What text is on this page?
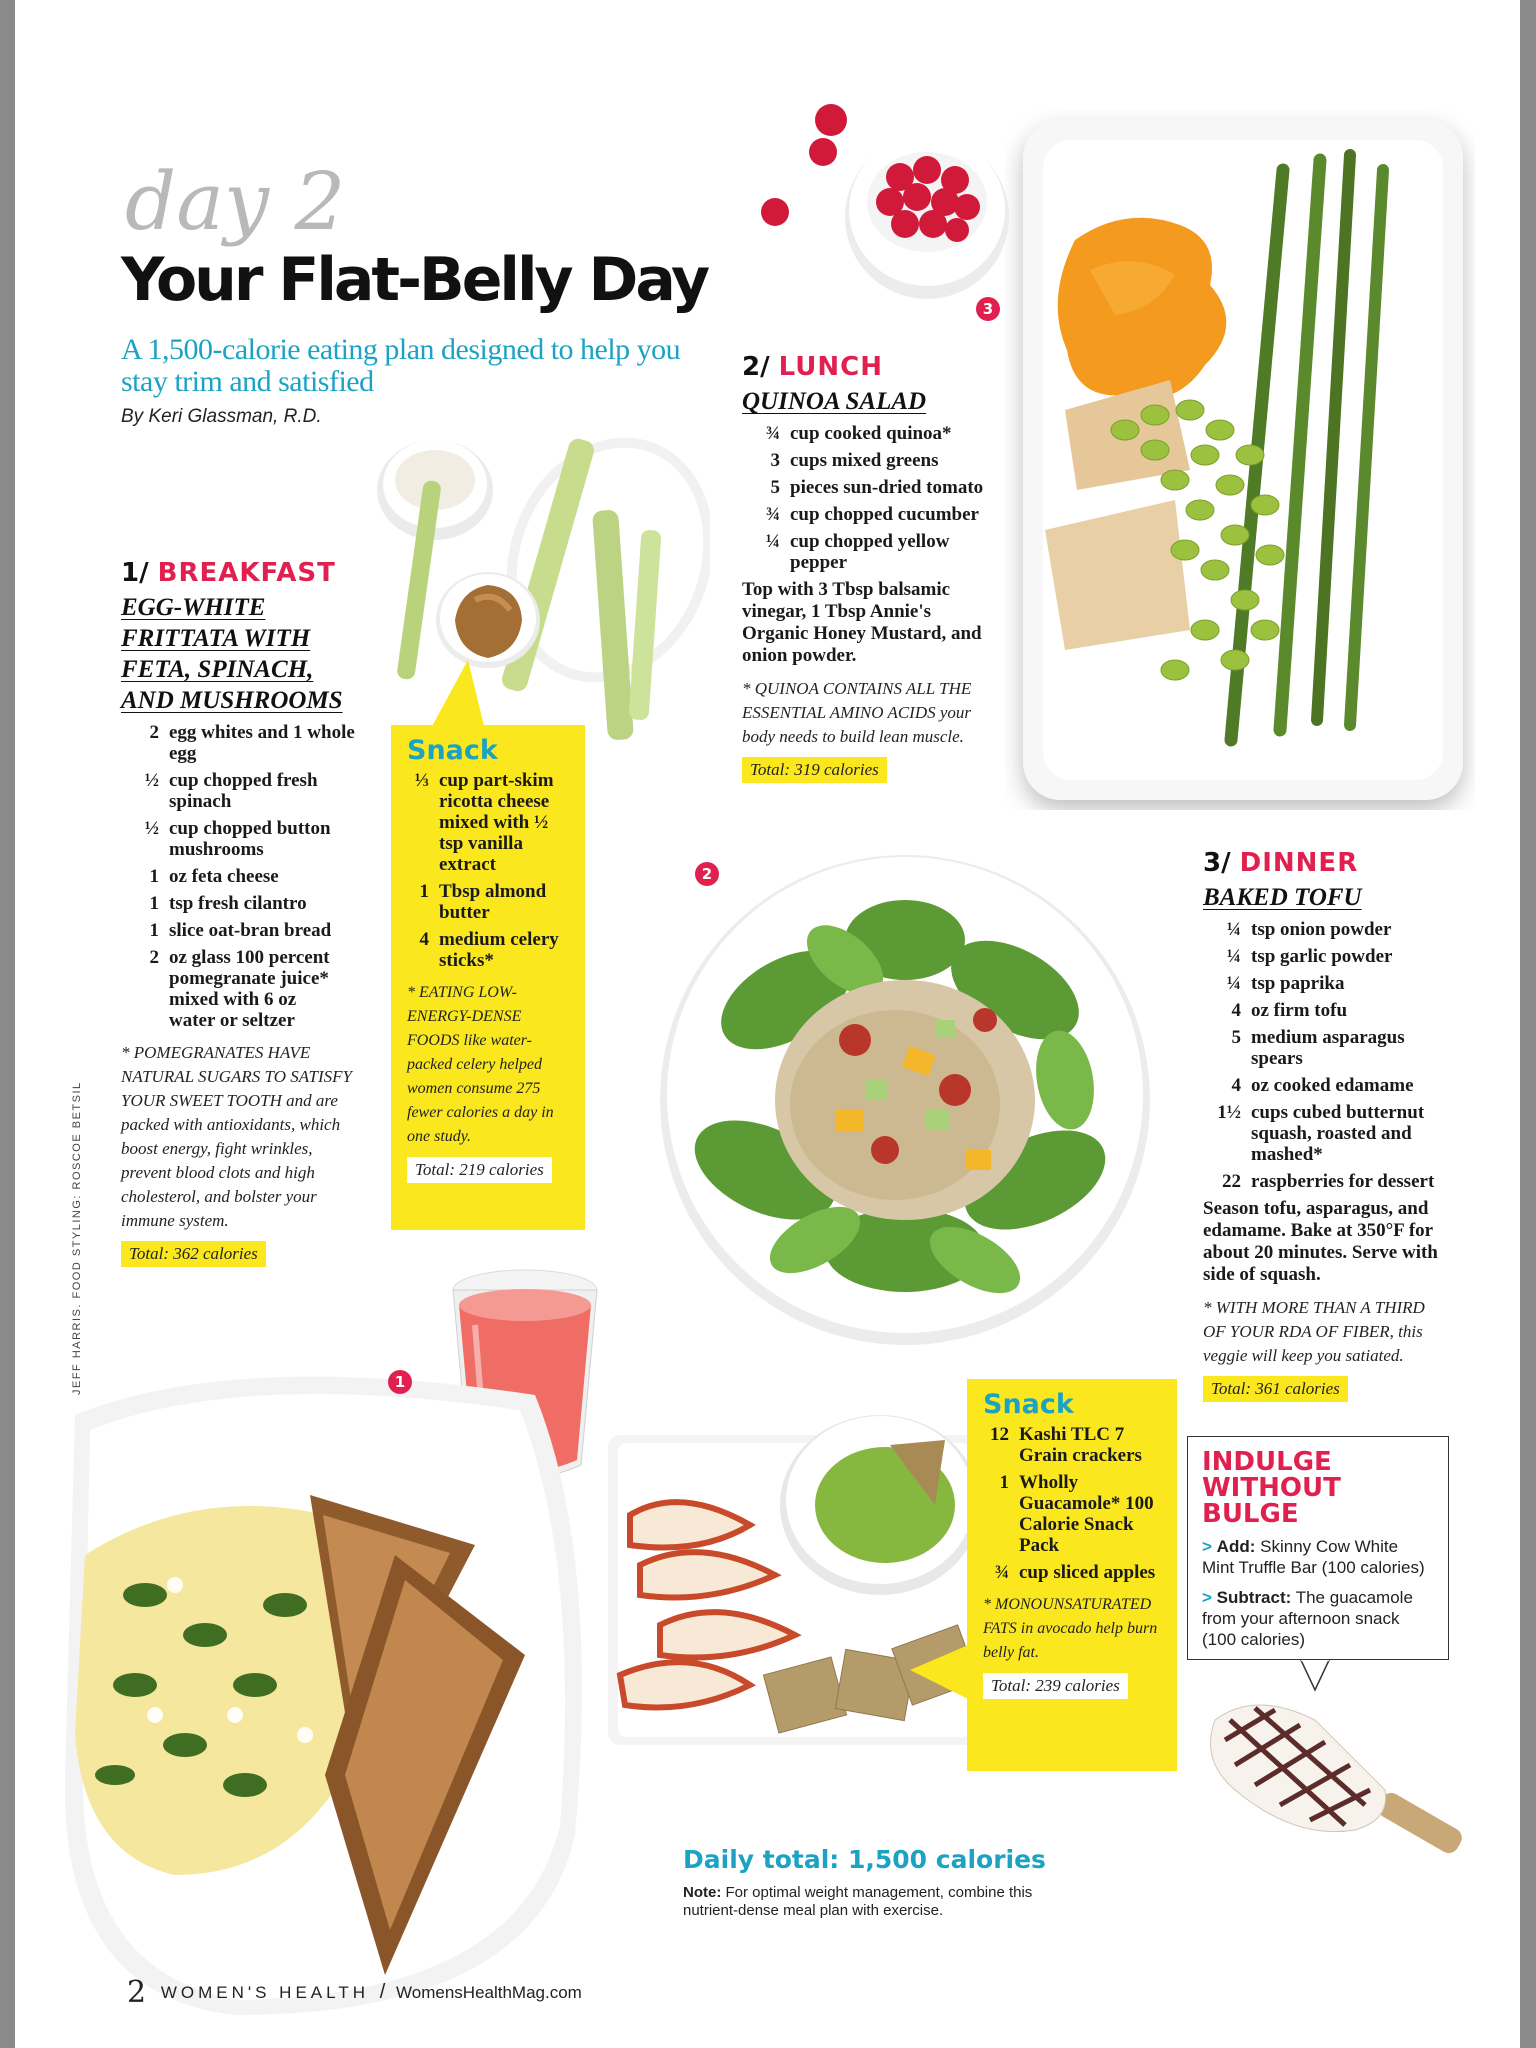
1
2
3
day 2
Your Flat-Belly Day
A 1,500-calorie eating plan designed to help you stay trim and satisfied
By Keri Glassman, R.D.
1/ BREAKFAST
EGG-WHITE FRITTATA WITH FETA, SPINACH, AND MUSHROOMS
2 egg whites and 1 whole egg
½ cup chopped fresh spinach
½ cup chopped button mushrooms
1 oz feta cheese
1 tsp fresh cilantro
1 slice oat-bran bread
2 oz glass 100 percent pomegranate juice* mixed with 6 oz water or seltzer
* POMEGRANATES HAVE NATURAL SUGARS TO SATISFY YOUR SWEET TOOTH and are packed with antioxidants, which boost energy, fight wrinkles, prevent blood clots and high cholesterol, and bolster your immune system.
Total: 362 calories
Snack
⅓ cup part-skim ricotta cheese mixed with ½ tsp vanilla extract
1 Tbsp almond butter
4 medium celery sticks*
* EATING LOW-ENERGY-DENSE FOODS like water-packed celery helped women consume 275 fewer calories a day in one study.
Total: 219 calories
2/ LUNCH
QUINOA SALAD
¾ cup cooked quinoa*
3 cups mixed greens
5 pieces sun-dried tomato
¾ cup chopped cucumber
¼ cup chopped yellow pepper
Top with 3 Tbsp balsamic vinegar, 1 Tbsp Annie's Organic Honey Mustard, and onion powder.
* QUINOA CONTAINS ALL THE ESSENTIAL AMINO ACIDS your body needs to build lean muscle.
Total: 319 calories
3/ DINNER
BAKED TOFU
¼ tsp onion powder
¼ tsp garlic powder
¼ tsp paprika
4 oz firm tofu
5 medium asparagus spears
4 oz cooked edamame
1½ cups cubed butternut squash, roasted and mashed*
22 raspberries for dessert
Season tofu, asparagus, and edamame. Bake at 350°F for about 20 minutes. Serve with side of squash.
* WITH MORE THAN A THIRD OF YOUR RDA OF FIBER, this veggie will keep you satiated.
Total: 361 calories
Snack
12 Kashi TLC 7 Grain crackers
1 Wholly Guacamole* 100 Calorie Snack Pack
¾ cup sliced apples
* MONOUNSATURATED FATS in avocado help burn belly fat.
Total: 239 calories
INDULGE WITHOUT BULGE
> Add: Skinny Cow White Mint Truffle Bar (100 calories)
> Subtract: The guacamole from your afternoon snack (100 calories)
Daily total: 1,500 calories
Note: For optimal weight management, combine this nutrient-dense meal plan with exercise.
2 WOMEN'S HEALTH / WomensHealthMag.com
JEFF HARRIS. FOOD STYLING: ROSCOE BETSIL
